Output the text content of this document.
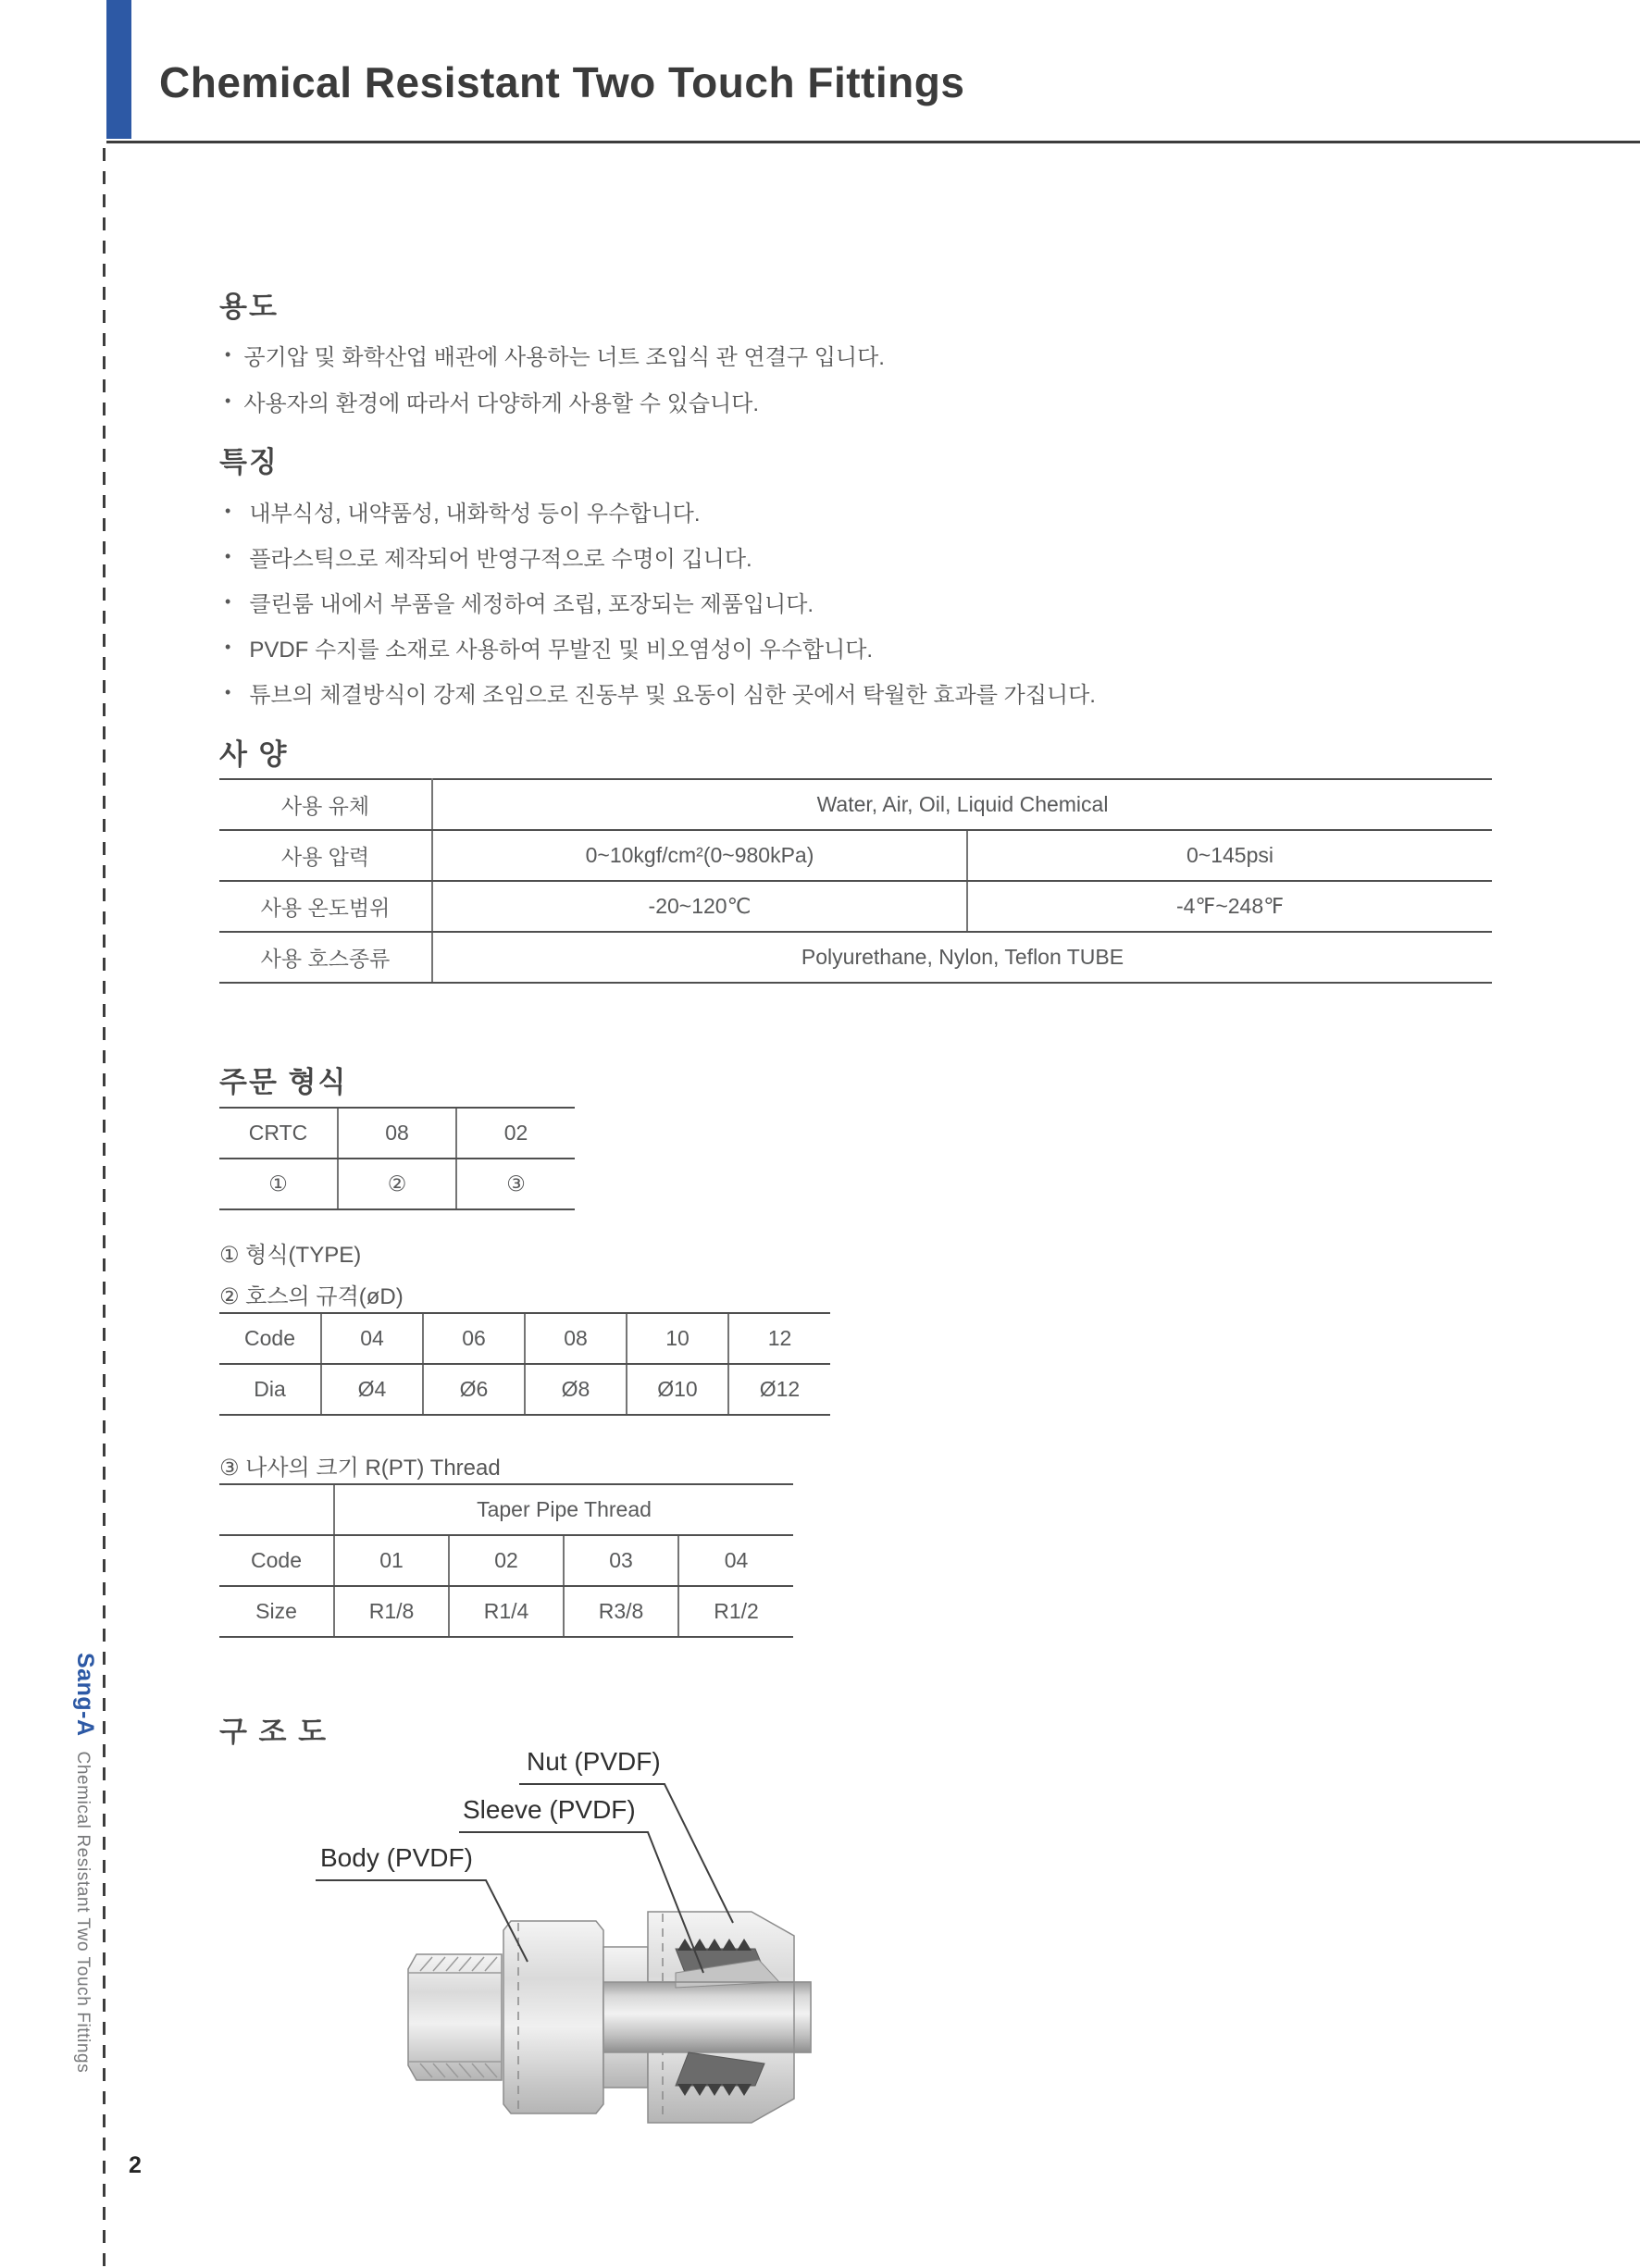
Chemical Resistant Two Touch Fittings
용도
• 공기압 및 화학산업 배관에 사용하는 너트 조입식 관 연결구 입니다.
• 사용자의 환경에 따라서 다양하게 사용할 수 있습니다.
특징
• 내부식성, 내약품성, 내화학성 등이 우수합니다.
• 플라스틱으로 제작되어 반영구적으로 수명이 깁니다.
• 클린룸 내에서 부품을 세정하여 조립, 포장되는 제품입니다.
• PVDF 수지를 소재로 사용하여 무발진 및 비오염성이 우수합니다.
• 튜브의 체결방식이 강제 조임으로 진동부 및 요동이 심한 곳에서 탁월한 효과를 가집니다.
사 양
사용 유체	Water, Air, Oil, Liquid Chemical	
사용 압력	0~10kgf/cm²(0~980kPa)	0~145psi
사용 온도범위	-20~120℃	-4℉~248℉
사용 호스종류	Polyurethane, Nylon, Teflon TUBE	
주문 형식
CRTC	08	02
①	②	③
① 형식(TYPE)
② 호스의 규격(øD)
Code	04	06	08	10	12
Dia	Ø4	Ø6	Ø8	Ø10	Ø12
③ 나사의 크기 R(PT) Thread
	Taper Pipe Thread			
Code	01	02	03	04
Size	R1/8	R1/4	R3/8	R1/2
구 조 도
Nut (PVDF)
Sleeve (PVDF)
Body (PVDF)
Sang-AChemical Resistant Two Touch Fittings
2
